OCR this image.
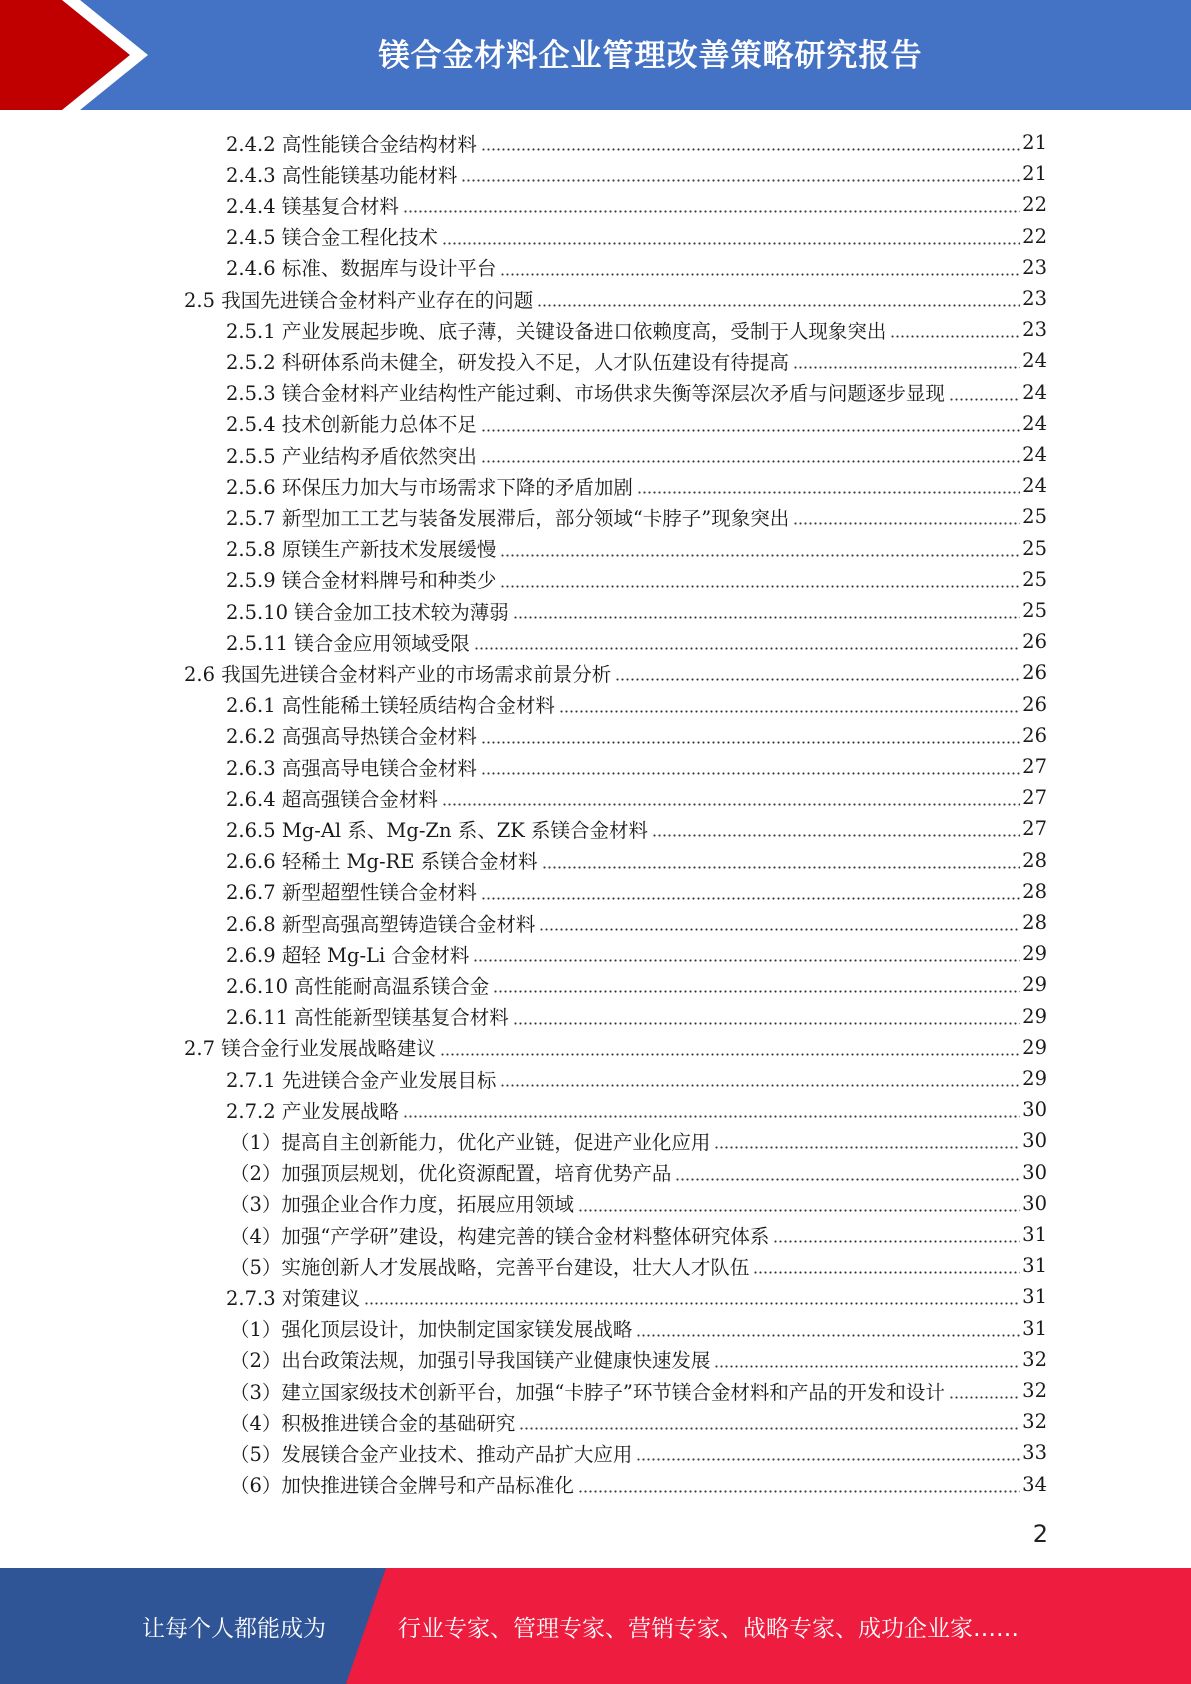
镁合金材料企业管理改善策略研究报告
2.4.2 高性能镁合金结构材料	21
2.4.3 高性能镁基功能材料	21
2.4.4 镁基复合材料	22
2.4.5 镁合金工程化技术	22
2.4.6 标准、数据库与设计平台	23
2.5 我国先进镁合金材料产业存在的问题	23
2.5.1 产业发展起步晚、底子薄，关键设备进口依赖度高，受制于人现象突出	23
2.5.2 科研体系尚未健全，研发投入不足，人才队伍建设有待提高	24
2.5.3 镁合金材料产业结构性产能过剩、市场供求失衡等深层次矛盾与问题逐步显现	24
2.5.4 技术创新能力总体不足	24
2.5.5 产业结构矛盾依然突出	24
2.5.6 环保压力加大与市场需求下降的矛盾加剧	24
2.5.7 新型加工工艺与装备发展滞后，部分领域“卡脖子”现象突出	25
2.5.8 原镁生产新技术发展缓慢	25
2.5.9 镁合金材料牌号和种类少	25
2.5.10 镁合金加工技术较为薄弱	25
2.5.11 镁合金应用领域受限	26
2.6 我国先进镁合金材料产业的市场需求前景分析	26
2.6.1 高性能稀土镁轻质结构合金材料	26
2.6.2 高强高导热镁合金材料	26
2.6.3 高强高导电镁合金材料	27
2.6.4 超高强镁合金材料	27
2.6.5 Mg-Al 系、Mg-Zn 系、ZK 系镁合金材料	27
2.6.6 轻稀土 Mg-RE 系镁合金材料	28
2.6.7 新型超塑性镁合金材料	28
2.6.8 新型高强高塑铸造镁合金材料	28
2.6.9 超轻 Mg-Li 合金材料	29
2.6.10 高性能耐高温系镁合金	29
2.6.11 高性能新型镁基复合材料	29
2.7 镁合金行业发展战略建议	29
2.7.1 先进镁合金产业发展目标	29
2.7.2 产业发展战略	30
（1）提高自主创新能力，优化产业链，促进产业化应用	30
（2）加强顶层规划，优化资源配置，培育优势产品	30
（3）加强企业合作力度，拓展应用领域	30
（4）加强“产学研”建设，构建完善的镁合金材料整体研究体系	31
（5）实施创新人才发展战略，完善平台建设，壮大人才队伍	31
2.7.3 对策建议	31
（1）强化顶层设计，加快制定国家镁发展战略	31
（2）出台政策法规，加强引导我国镁产业健康快速发展	32
（3）建立国家级技术创新平台，加强“卡脖子”环节镁合金材料和产品的开发和设计	32
（4）积极推进镁合金的基础研究	32
（5）发展镁合金产业技术、推动产品扩大应用	33
（6）加快推进镁合金牌号和产品标准化	34
2
让每个人都能成为	行业专家、管理专家、营销专家、战略专家、成功企业家……
